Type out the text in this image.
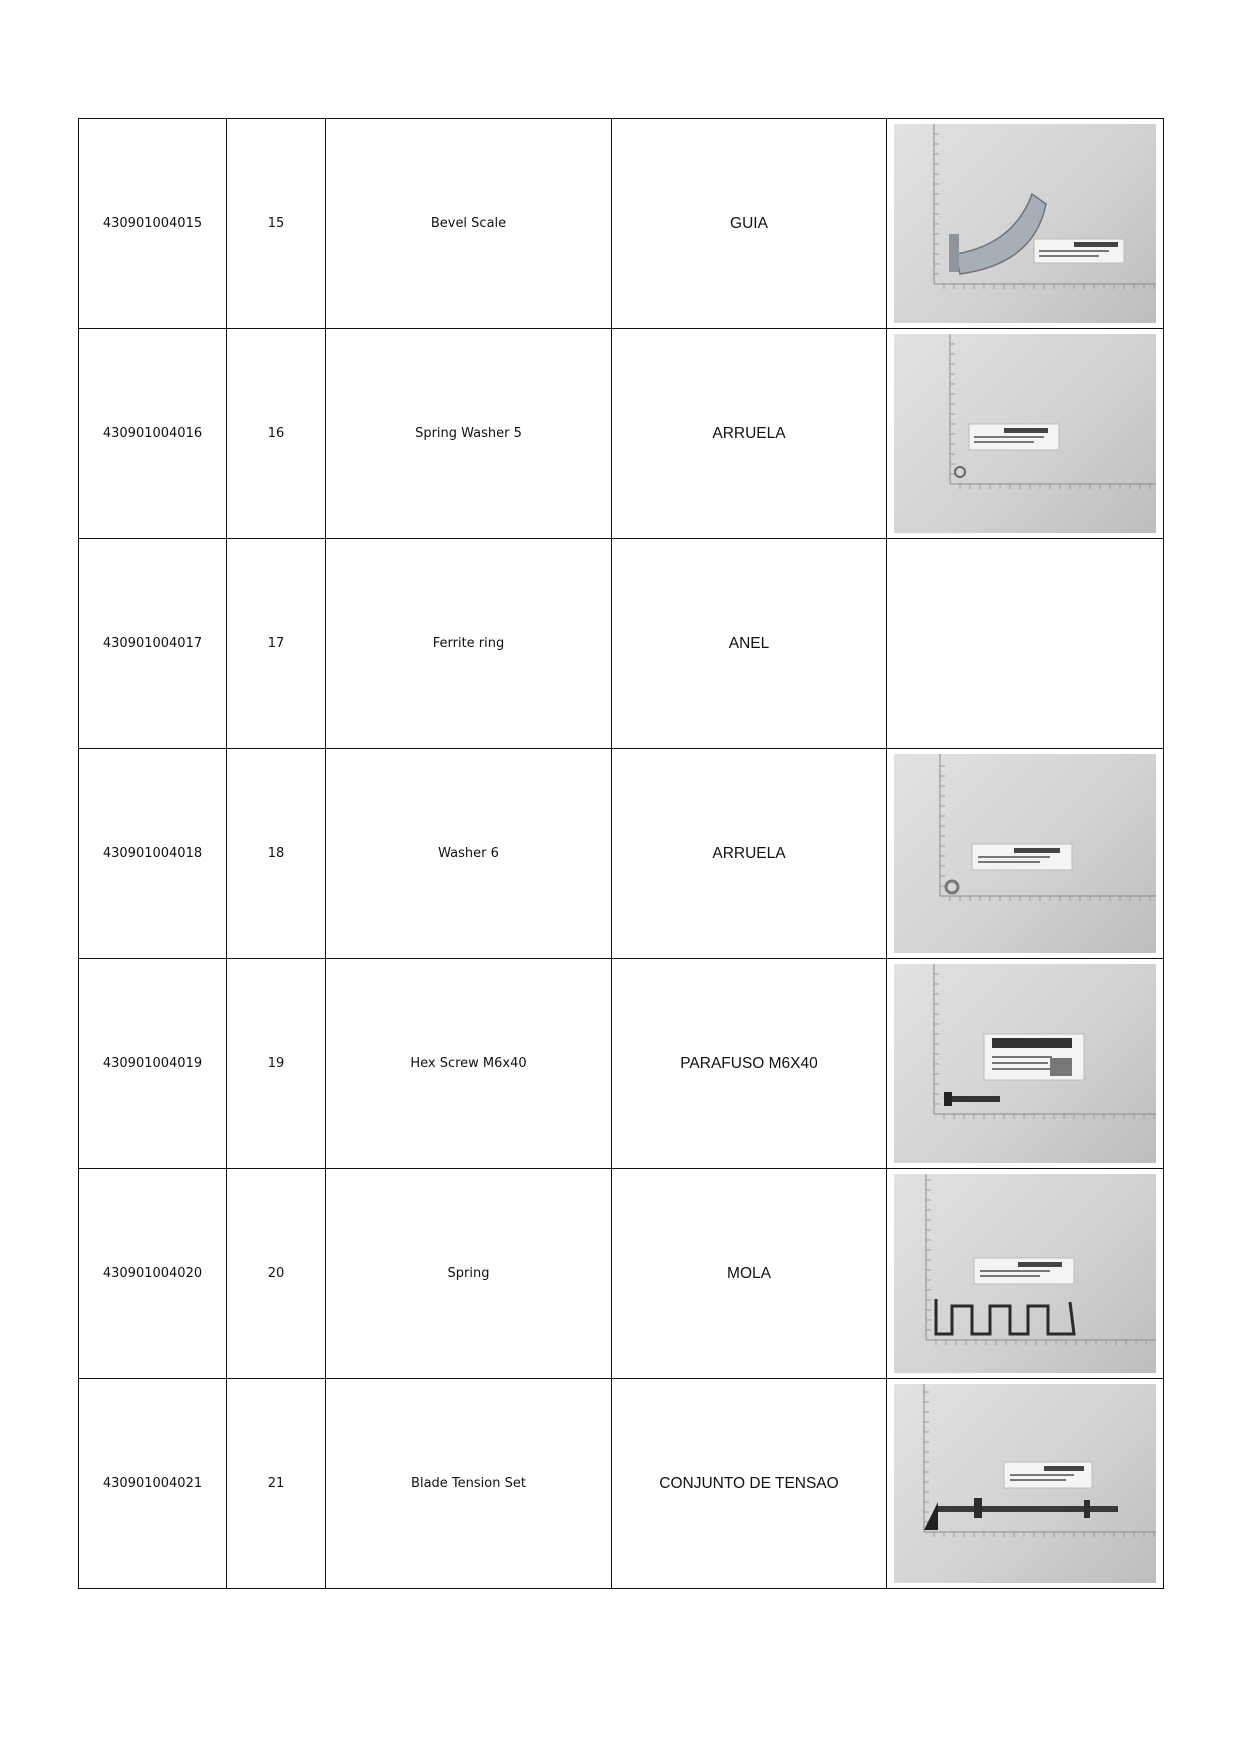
430901004015	15	Bevel Scale	GUIA	

430901004016	16	Spring Washer 5	ARRUELA	

430901004017	17	Ferrite ring	ANEL	
430901004018	18	Washer 6	ARRUELA	

430901004019	19	Hex Screw M6x40	PARAFUSO M6X40	

430901004020	20	Spring	MOLA	

430901004021	21	Blade Tension Set	CONJUNTO DE TENSAO	
